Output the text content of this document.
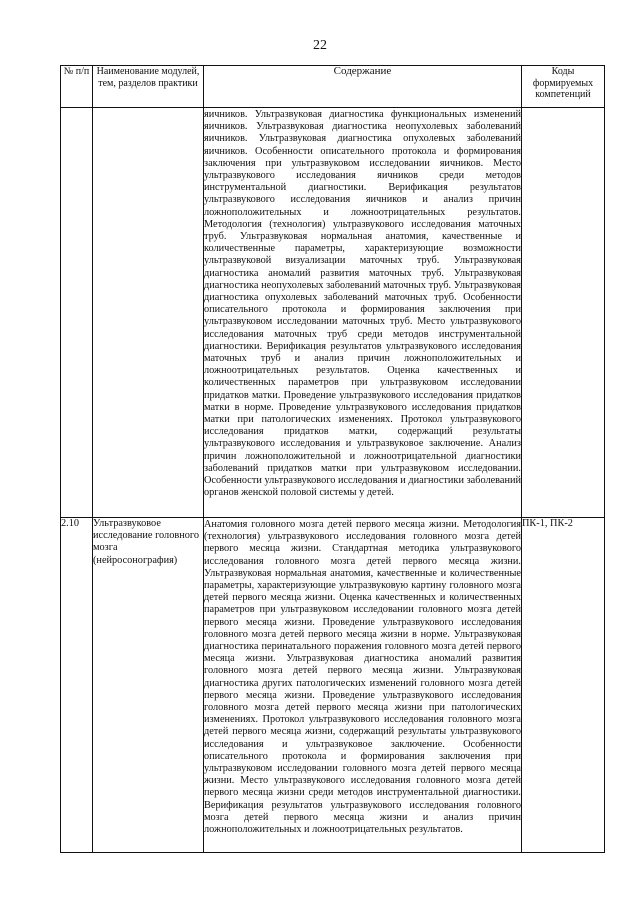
22
№ п/п	Наименование модулей, тем, разделов практики	Содержание	Коды формируемых компетенций
		яичников. Ультразвуковая диагностика функциональных изменений яичников. Ультразвуковая диагностика неопухолевых заболеваний яичников. Ультразвуковая диагностика опухолевых заболеваний яичников. Особенности описательного протокола и формирования заключения при ультразвуковом исследовании яичников. Место ультразвукового исследования яичников среди методов инструментальной диагностики. Верификация результатов ультразвукового исследования яичников и анализ причин ложноположительных и ложноотрицательных результатов. Методология (технология) ультразвукового исследования маточных труб. Ультразвуковая нормальная анатомия, качественные и количественные параметры, характеризующие возможности ультразвуковой визуализации маточных труб. Ультразвуковая диагностика аномалий развития маточных труб. Ультразвуковая диагностика неопухолевых заболеваний маточных труб. Ультразвуковая диагностика опухолевых заболеваний маточных труб. Особенности описательного протокола и формирования заключения при ультразвуковом исследовании маточных труб. Место ультразвукового исследования маточных труб среди методов инструментальной диагностики. Верификация результатов ультразвукового исследования маточных труб и анализ причин ложноположительных и ложноотрицательных результатов. Оценка качественных и количественных параметров при ультразвуковом исследовании придатков матки. Проведение ультразвукового исследования придатков матки в норме. Проведение ультразвукового исследования придатков матки при патологических изменениях. Протокол ультразвукового исследования придатков матки, содержащий результаты ультразвукового исследования и ультразвуковое заключение. Анализ причин ложноположительной и ложноотрицательной диагностики заболеваний придатков матки при ультразвуковом исследовании. Особенности ультразвукового исследования и диагностики заболеваний органов женской половой системы у детей.	
2.10	Ультразвуковое исследование головного мозга (нейросонография)	Анатомия головного мозга детей первого месяца жизни. Методология (технология) ультразвукового исследования головного мозга детей первого месяца жизни. Стандартная методика ультразвукового исследования головного мозга детей первого месяца жизни. Ультразвуковая нормальная анатомия, качественные и количественные параметры, характеризующие ультразвуковую картину головного мозга детей первого месяца жизни. Оценка качественных и количественных параметров при ультразвуковом исследовании головного мозга детей первого месяца жизни. Проведение ультразвукового исследования головного мозга детей первого месяца жизни в норме. Ультразвуковая диагностика перинатального поражения головного мозга детей первого месяца жизни. Ультразвуковая диагностика аномалий развития головного мозга детей первого месяца жизни. Ультразвуковая диагностика других патологических изменений головного мозга детей первого месяца жизни. Проведение ультразвукового исследования головного мозга детей первого месяца жизни при патологических изменениях. Протокол ультразвукового исследования головного мозга детей первого месяца жизни, содержащий результаты ультразвукового исследования и ультразвуковое заключение. Особенности описательного протокола и формирования заключения при ультразвуковом исследовании головного мозга детей первого месяца жизни. Место ультразвукового исследования головного мозга детей первого месяца жизни среди методов инструментальной диагностики. Верификация результатов ультразвукового исследования головного мозга детей первого месяца жизни и анализ причин ложноположительных и ложноотрицательных результатов.	ПК-1, ПК-2
